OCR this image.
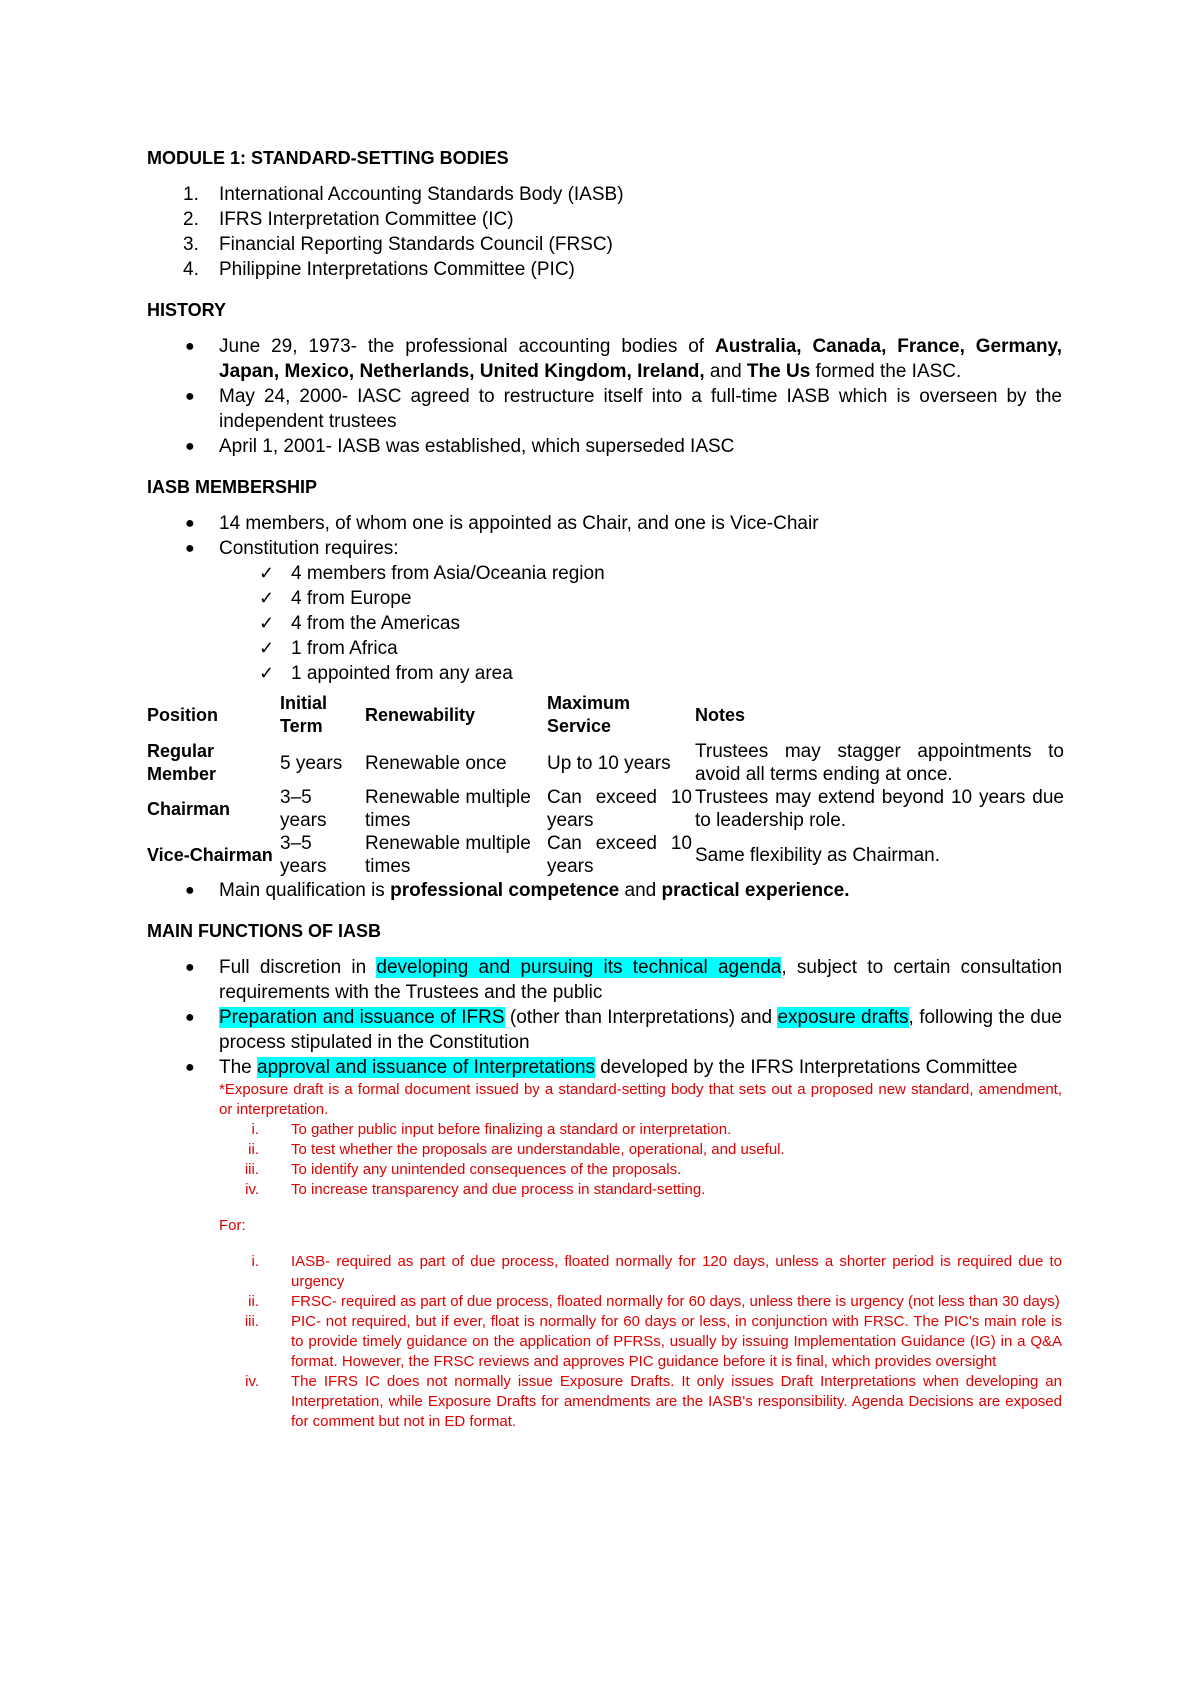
MODULE 1: STANDARD-SETTING BODIES
1. International Accounting Standards Body (IASB)
2. IFRS Interpretation Committee (IC)
3. Financial Reporting Standards Council (FRSC)
4. Philippine Interpretations Committee (PIC)
HISTORY
● June 29, 1973- the professional accounting bodies of Australia, Canada, France, Germany, Japan, Mexico, Netherlands, United Kingdom, Ireland, and The Us formed the IASC.
● May 24, 2000- IASC agreed to restructure itself into a full-time IASB which is overseen by the independent trustees
● April 1, 2001- IASB was established, which superseded IASC
IASB MEMBERSHIP
● 14 members, of whom one is appointed as Chair, and one is Vice-Chair
● Constitution requires:
✓ 4 members from Asia/Oceania region
✓ 4 from Europe
✓ 4 from the Americas
✓ 1 from Africa
✓ 1 appointed from any area
Position	Initial Term	Renewability	Maximum Service	Notes
Regular Member	5 years	Renewable once	Up to 10 years	Trustees may stagger appointments to avoid all terms ending at once.
Chairman	3–5 years	Renewable multiple times	Can exceed 10 years	Trustees may extend beyond 10 years due to leadership role.
Vice-Chairman	3–5 years	Renewable multiple times	Can exceed 10 years	Same flexibility as Chairman.
● Main qualification is professional competence and practical experience.
MAIN FUNCTIONS OF IASB
● Full discretion in developing and pursuing its technical agenda, subject to certain consultation requirements with the Trustees and the public
● Preparation and issuance of IFRS (other than Interpretations) and exposure drafts, following the due process stipulated in the Constitution
● The approval and issuance of Interpretations developed by the IFRS Interpretations Committee
*Exposure draft is a formal document issued by a standard-setting body that sets out a proposed new standard, amendment, or interpretation.
i. To gather public input before finalizing a standard or interpretation.
ii. To test whether the proposals are understandable, operational, and useful.
iii. To identify any unintended consequences of the proposals.
iv. To increase transparency and due process in standard-setting.
For:
i. IASB- required as part of due process, floated normally for 120 days, unless a shorter period is required due to urgency
ii. FRSC- required as part of due process, floated normally for 60 days, unless there is urgency (not less than 30 days)
iii. PIC- not required, but if ever, float is normally for 60 days or less, in conjunction with FRSC. The PIC's main role is to provide timely guidance on the application of PFRSs, usually by issuing Implementation Guidance (IG) in a Q&A format. However, the FRSC reviews and approves PIC guidance before it is final, which provides oversight
iv. The IFRS IC does not normally issue Exposure Drafts. It only issues Draft Interpretations when developing an Interpretation, while Exposure Drafts for amendments are the IASB's responsibility. Agenda Decisions are exposed for comment but not in ED format.
